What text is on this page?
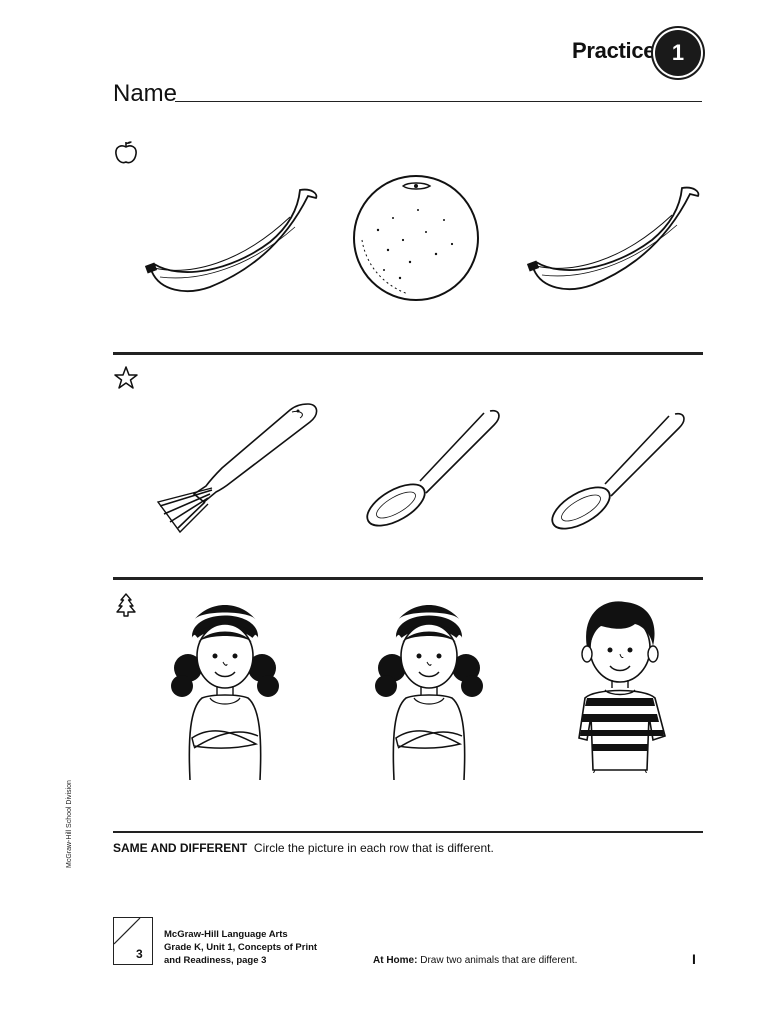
Practice 1
Name
SAME AND DIFFERENT Circle the picture in each row that is different.
McGraw-Hill School Division
3
McGraw-Hill Language Arts
Grade K, Unit 1, Concepts of Print
and Readiness, page 3	At Home: Draw two animals that are different.	I
